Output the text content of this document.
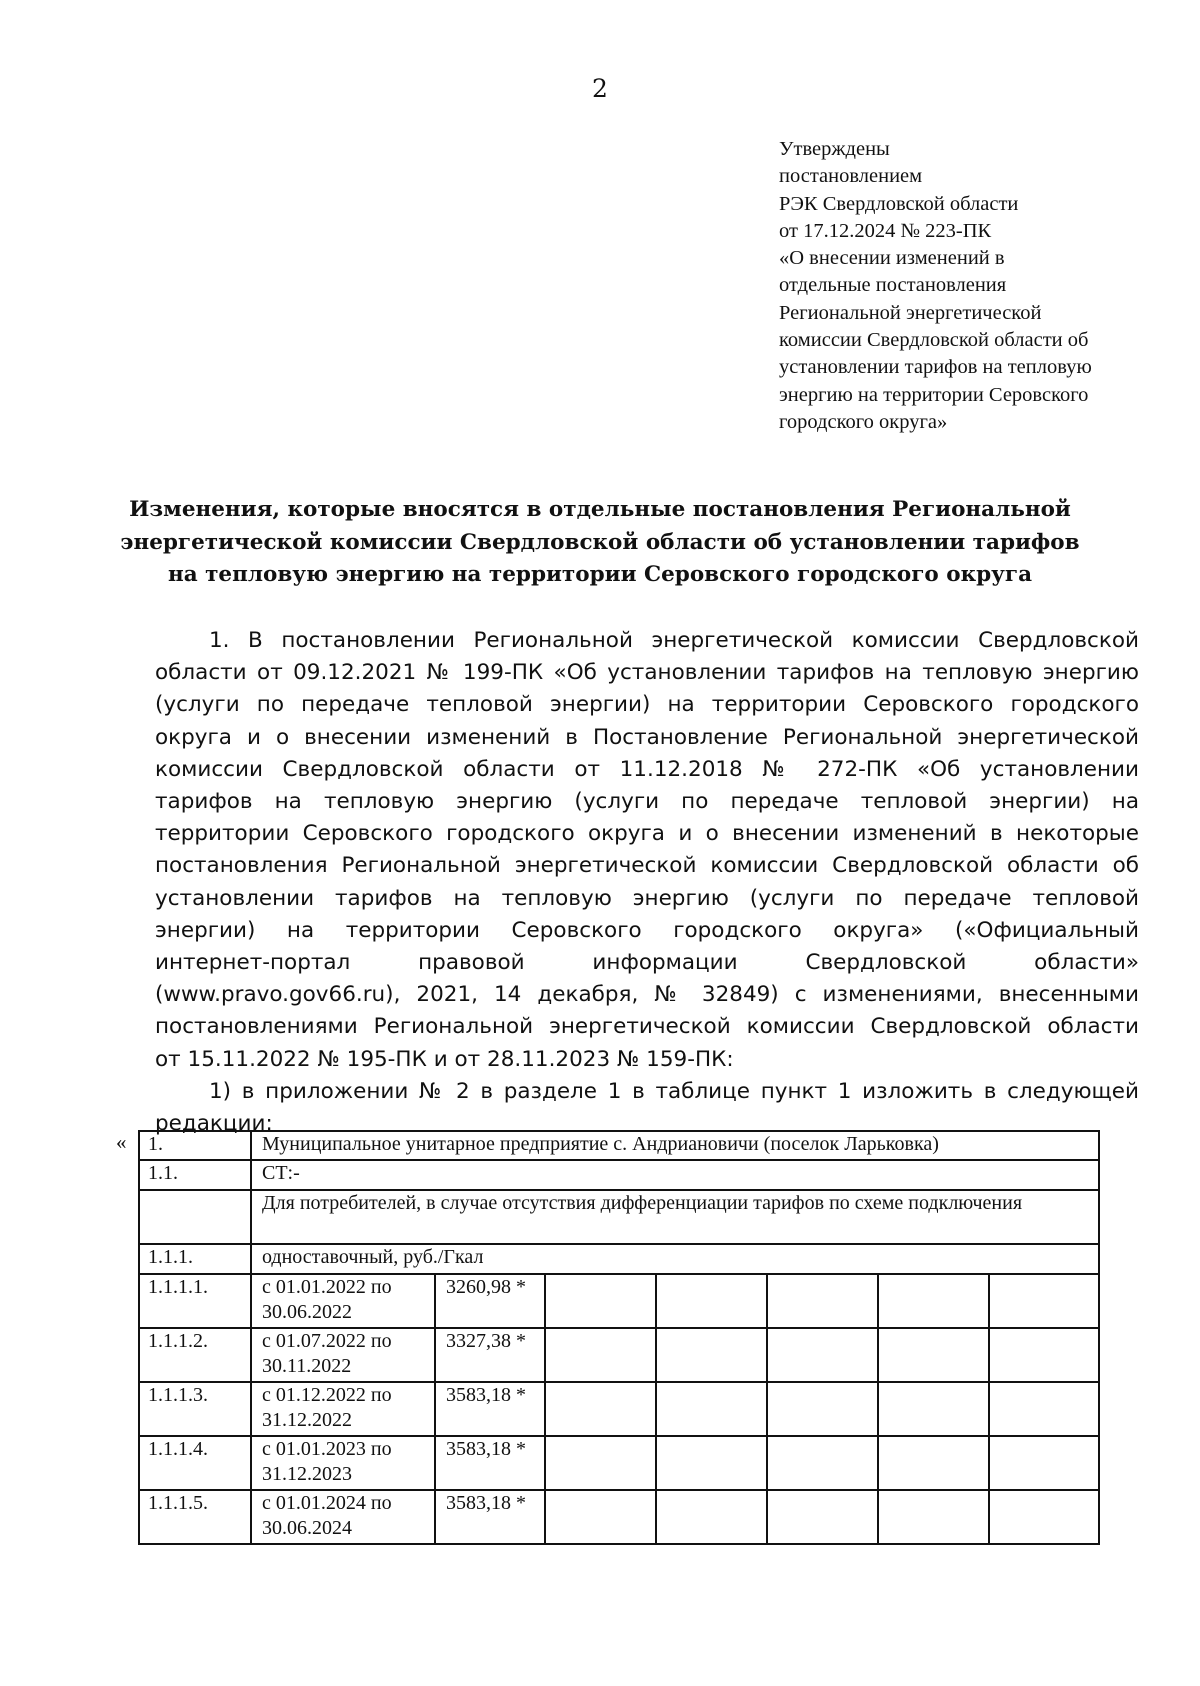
2
Утверждены
постановлением
РЭК Свердловской области
от 17.12.2024 № 223-ПК
«О внесении изменений в
отдельные постановления
Региональной энергетической
комиссии Свердловской области об
установлении тарифов на тепловую
энергию на территории Серовского
городского округа»
Изменения, которые вносятся в отдельные постановления Региональной
энергетической комиссии Свердловской области об установлении тарифов
на тепловую энергию на территории Серовского городского округа
1. В постановлении Региональной энергетической комиссии Свердловской
области от 09.12.2021 № 199-ПК «Об установлении тарифов на тепловую энергию
(услуги по передаче тепловой энергии) на территории Серовского городского
округа и о внесении изменений в Постановление Региональной энергетической
комиссии Свердловской области от 11.12.2018 № 272-ПК «Об установлении
тарифов на тепловую энергию (услуги по передаче тепловой энергии) на
территории Серовского городского округа и о внесении изменений в некоторые
постановления Региональной энергетической комиссии Свердловской области об
установлении тарифов на тепловую энергию (услуги по передаче тепловой
энергии) на территории Серовского городского округа» («Официальный
интернет-портал правовой информации Свердловской области»
(www.pravo.gov66.ru), 2021, 14 декабря, № 32849) с изменениями, внесенными
постановлениями Региональной энергетической комиссии Свердловской области
от 15.11.2022 № 195-ПК и от 28.11.2023 № 159-ПК:
1) в приложении № 2 в разделе 1 в таблице пункт 1 изложить в следующей
редакции:
« 1.	Муниципальное унитарное предприятие с. Андриановичи (поселок Ларьковка)						
1.1.	СТ:-						
	Для потребителей, в случае отсутствия дифференциации тарифов по схеме подключения						
1.1.1.	одноставочный, руб./Гкал						
1.1.1.1.	с 01.01.2022 по 30.06.2022	3260,98 *					
1.1.1.2.	с 01.07.2022 по 30.11.2022	3327,38 *					
1.1.1.3.	с 01.12.2022 по 31.12.2022	3583,18 *					
1.1.1.4.	с 01.01.2023 по 31.12.2023	3583,18 *					
1.1.1.5.	с 01.01.2024 по 30.06.2024	3583,18 *					
